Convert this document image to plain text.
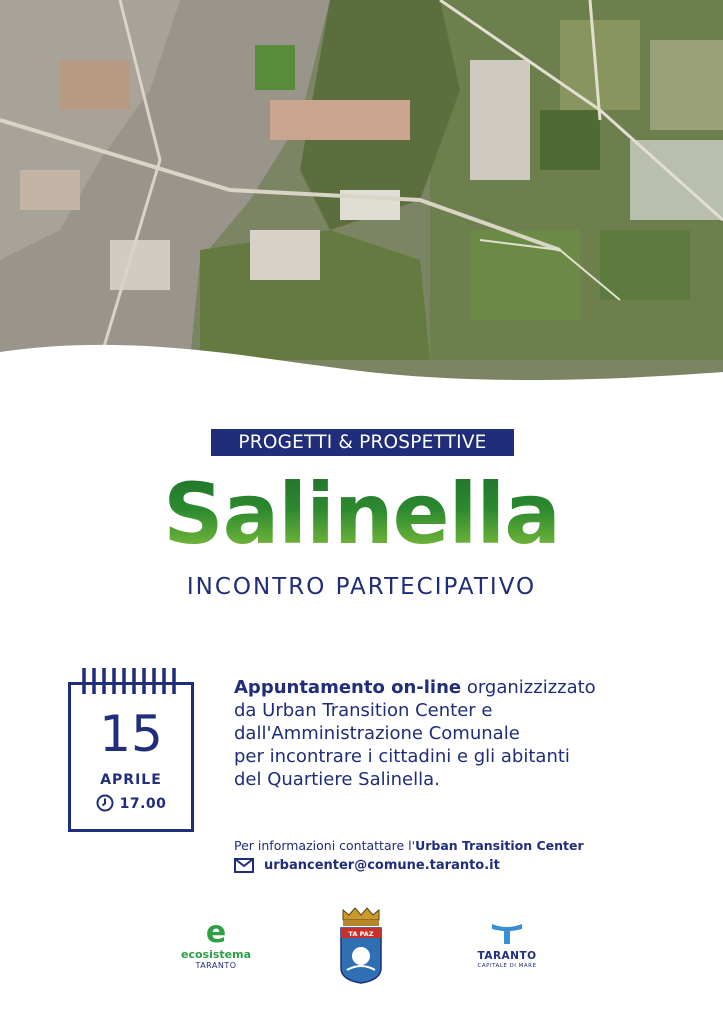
PROGETTI & PROSPETTIVE
Salinella
INCONTRO PARTECIPATIVO
15
APRILE
17.00
Appuntamento on-line organizzizzato
da Urban Transition Center e
dall'Amministrazione Comunale
per incontrare i cittadini e gli abitanti
del Quartiere Salinella.
Per informazioni contattare l'Urban Transition Center
urbancenter@comune.taranto.it
e
ecosistema
TARANTO
TA PAZ
TARANTO
CAPITALE DI MARE
